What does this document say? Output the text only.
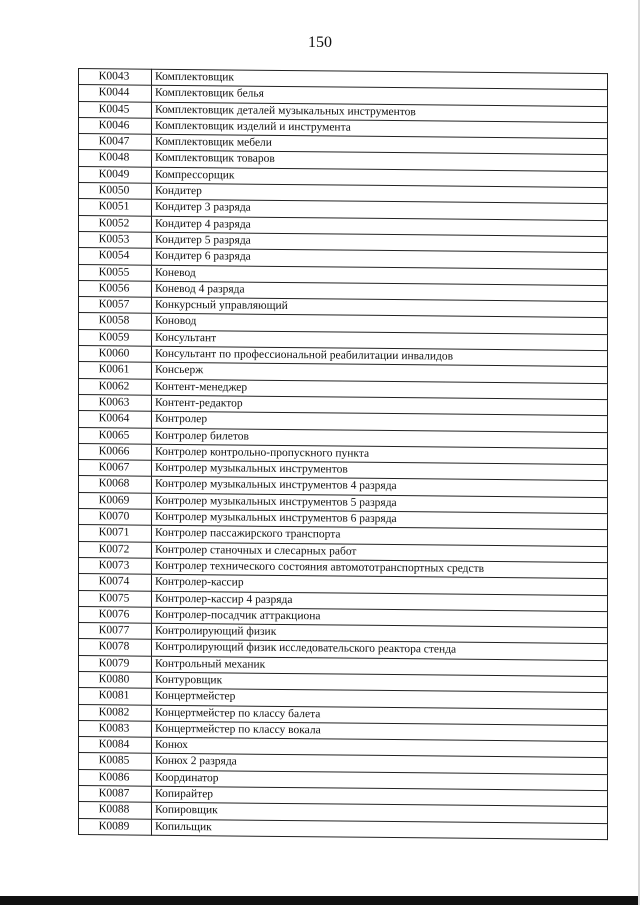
150
К0043	Комплектовщик
К0044	Комплектовщик белья
К0045	Комплектовщик деталей музыкальных инструментов
К0046	Комплектовщик изделий и инструмента
К0047	Комплектовщик мебели
К0048	Комплектовщик товаров
К0049	Компрессорщик
К0050	Кондитер
К0051	Кондитер 3 разряда
К0052	Кондитер 4 разряда
К0053	Кондитер 5 разряда
К0054	Кондитер 6 разряда
К0055	Коневод
К0056	Коневод 4 разряда
К0057	Конкурсный управляющий
К0058	Коновод
К0059	Консультант
К0060	Консультант по профессиональной реабилитации инвалидов
К0061	Консьерж
К0062	Контент-менеджер
К0063	Контент-редактор
К0064	Контролер
К0065	Контролер билетов
К0066	Контролер контрольно-пропускного пункта
К0067	Контролер музыкальных инструментов
К0068	Контролер музыкальных инструментов 4 разряда
К0069	Контролер музыкальных инструментов 5 разряда
К0070	Контролер музыкальных инструментов 6 разряда
К0071	Контролер пассажирского транспорта
К0072	Контролер станочных и слесарных работ
К0073	Контролер технического состояния автомототранспортных средств
К0074	Контролер-кассир
К0075	Контролер-кассир 4 разряда
К0076	Контролер-посадчик аттракциона
К0077	Контролирующий физик
К0078	Контролирующий физик исследовательского реактора стенда
К0079	Контрольный механик
К0080	Контуровщик
К0081	Концертмейстер
К0082	Концертмейстер по классу балета
К0083	Концертмейстер по классу вокала
К0084	Конюх
К0085	Конюх 2 разряда
К0086	Координатор
К0087	Копирайтер
К0088	Копировщик
К0089	Копильщик
